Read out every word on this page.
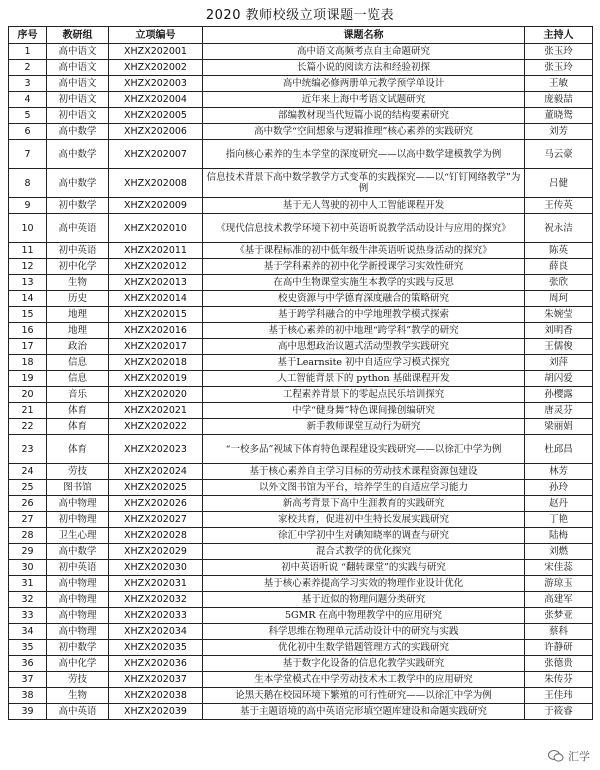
2020 教师校级立项课题一览表
序号	教研组	立项编号	课题名称	主持人
1	高中语文	XHZX202001	高中语文高频考点自主命题研究	张玉玲
2	高中语文	XHZX202002	长篇小说的阅读方法和经验初探	张玉玲
3	高中语文	XHZX202003	高中统编必修两册单元教学预学单设计	王敏
4	初中语文	XHZX202004	近年来上海中考语文试题研究	庞毅喆
5	初中语文	XHZX202005	部编教材现当代短篇小说的结构要素研究	董晓鸳
6	高中数学	XHZX202006	高中数学“空间想象与逻辑推理”核心素养的实践研究	刘芳
7	高中数学	XHZX202007	指向核心素养的生本学堂的深度研究——以高中数学建模教学为例	马云豪
8	高中数学	XHZX202008	信息技术背景下高中数学教学方式变革的实践探究——以“钉钉网络教学”为例	吕健
9	初中数学	XHZX202009	基于无人驾驶的初中人工智能课程开发	王传英
10	高中英语	XHZX202010	《现代信息技术教学环境下初中英语听说教学活动设计与应用的探究》	祝永洁
11	初中英语	XHZX202011	《基于课程标准的初中低年级牛津英语听说热身活动的探究》	陈英
12	初中化学	XHZX202012	基于学科素养的初中化学新授课学习实效性研究	薛良
13	生物	XHZX202013	在高中生物课堂实施生本教学的实践与反思	张欣
14	历史	XHZX202014	校史资源与中学德育深度融合的策略研究	周珂
15	地理	XHZX202015	基于跨学科融合的中学地理教学模式探索	朱婉莹
16	地理	XHZX202016	基于核心素养的初中地理“跨学科”教学的研究	刘明香
17	政治	XHZX202017	高中思想政治议题式活动型教学实践研究	王儒俊
18	信息	XHZX202018	基于Learnsite 初中自适应学习模式探究	刘萍
19	信息	XHZX202019	人工智能背景下的 python 基础课程开发	胡闪爱
20	音乐	XHZX202020	工程素养背景下的零起点民乐培训探究	孙樱露
21	体育	XHZX202021	中学“健身舞”特色课间操创编研究	唐灵芬
22	体育	XHZX202022	新手教师课堂互动行为研究	梁丽娟
23	体育	XHZX202023	“一校多品”视域下体育特色课程建设实践研究——以徐汇中学为例	杜邱昌
24	劳技	XHZX202024	基于核心素养自主学习目标的劳动技术课程资源包建设	林芳
25	图书馆	XHZX202025	以外文图书馆为平台，培养学生的自适应学习能力	孙玲
26	高中物理	XHZX202026	新高考背景下高中生涯教育的实践研究	赵丹
27	初中物理	XHZX202027	家校共育，促进初中生特长发展实践研究	丁艳
28	卫生心理	XHZX202028	徐汇中学初中生对碘知晓率的调查与研究	陆梅
29	高中数学	XHZX202029	混合式教学的优化探究	刘燃
30	初中英语	XHZX202030	初中英语听说 “翻转课堂”的实践与研究	宋佳蕊
31	高中物理	XHZX202031	基于核心素养提高学习实效的物理作业设计优化	游琼玉
32	高中物理	XHZX202032	基于近似的物理问题分类研究	高建军
33	高中物理	XHZX202033	5GMR 在高中物理教学中的应用研究	张梦亚
34	高中物理	XHZX202034	科学思维在物理单元活动设计中的研究与实践	蔡科
35	初中数学	XHZX202035	优化初中生数学错题管理方式的实践研究	许静研
36	高中化学	XHZX202036	基于数字化设备的信息化教学实践研究	张德贵
37	劳技	XHZX202037	生本学堂模式在中学劳动技术木工教学中的应用研究	朱传芬
38	生物	XHZX202038	论黑天鹅在校园环境下繁殖的可行性研究——以徐汇中学为例	王佳玮
39	高中英语	XHZX202039	基于主题语境的高中英语完形填空题库建设和命题实践研究	于筱睿
汇学
